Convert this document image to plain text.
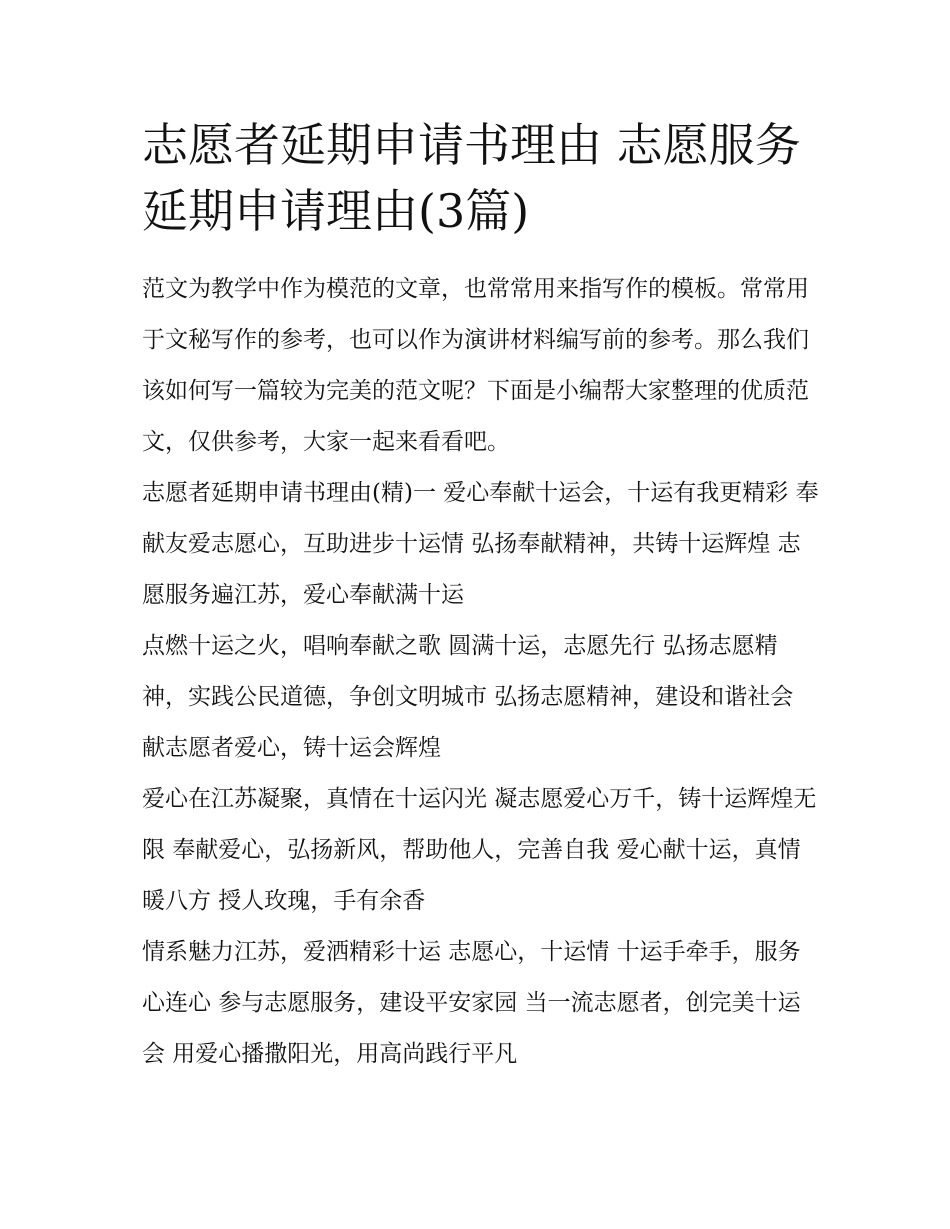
志愿者延期申请书理由 志愿服务延期申请理由(3篇)

范文为教学中作为模范的文章，也常常用来指写作的模板。常常用于文秘写作的参考，也可以作为演讲材料编写前的参考。那么我们该如何写一篇较为完美的范文呢？下面是小编帮大家整理的优质范文，仅供参考，大家一起来看看吧。

志愿者延期申请书理由(精)一 爱心奉献十运会，十运有我更精彩 奉献友爱志愿心，互助进步十运情 弘扬奉献精神，共铸十运辉煌 志愿服务遍江苏，爱心奉献满十运

点燃十运之火，唱响奉献之歌 圆满十运，志愿先行 弘扬志愿精神，实践公民道德，争创文明城市 弘扬志愿精神，建设和谐社会 献志愿者爱心，铸十运会辉煌

爱心在江苏凝聚，真情在十运闪光 凝志愿爱心万千，铸十运辉煌无限 奉献爱心，弘扬新风，帮助他人，完善自我 爱心献十运，真情暖八方 授人玫瑰，手有余香

情系魅力江苏，爱洒精彩十运 志愿心，十运情 十运手牵手，服务心连心 参与志愿服务，建设平安家园 当一流志愿者，创完美十运会 用爱心播撒阳光，用高尚践行平凡
